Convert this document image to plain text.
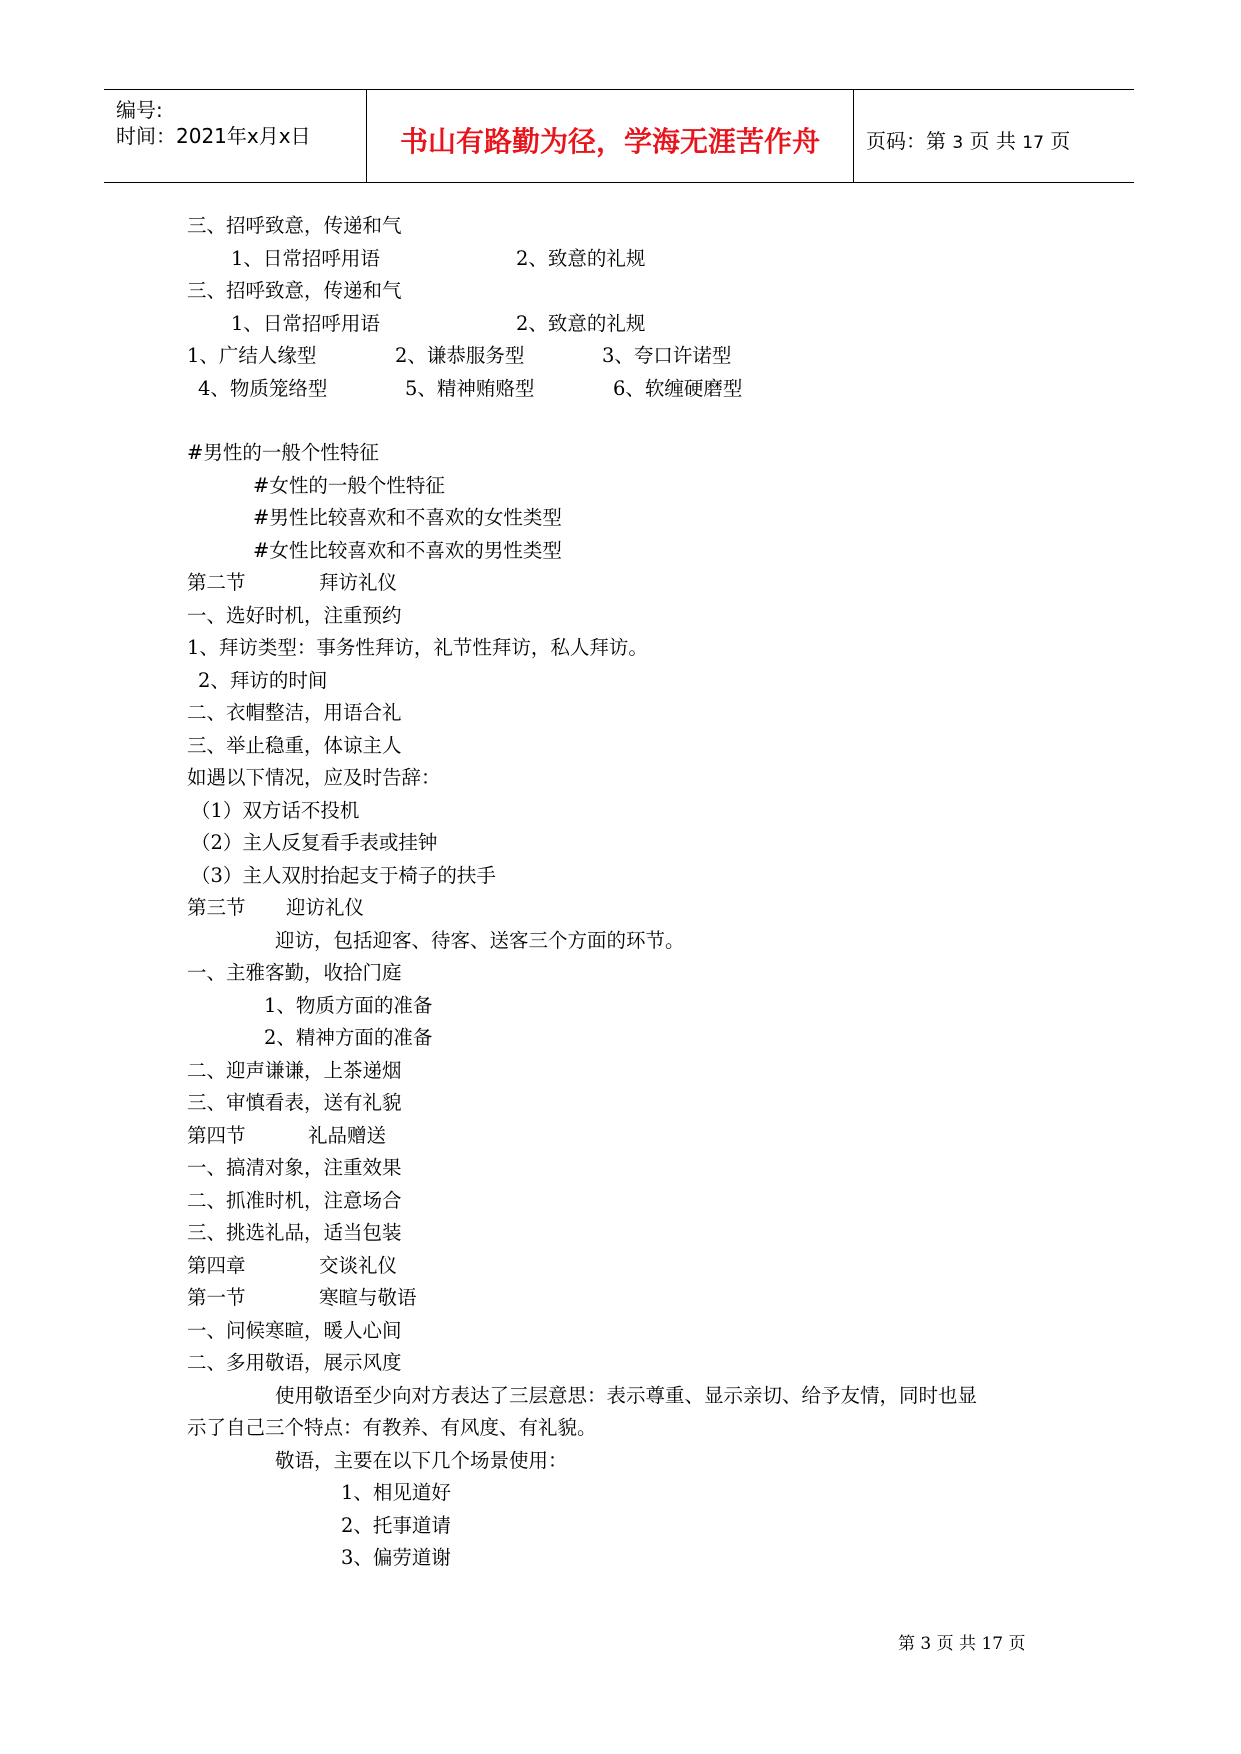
编号:
时间：2021年x月x日	书山有路勤为径，学海无涯苦作舟	页码：第 3 页 共 17 页
三、招呼致意，传递和气
1、日常招呼用语	2、致意的礼规
三、招呼致意，传递和气
1、日常招呼用语	2、致意的礼规
1、广结人缘型	2、谦恭服务型	3、夸口许诺型
4、物质笼络型	5、精神贿赂型	6、软缠硬磨型
#男性的一般个性特征
#女性的一般个性特征
#男性比较喜欢和不喜欢的女性类型
#女性比较喜欢和不喜欢的男性类型
第二节	拜访礼仪
一、选好时机，注重预约
1、拜访类型：事务性拜访，礼节性拜访，私人拜访。
2、拜访的时间
二、衣帽整洁，用语合礼
三、举止稳重，体谅主人
如遇以下情况，应及时告辞：
（1）双方话不投机
（2）主人反复看手表或挂钟
（3）主人双肘抬起支于椅子的扶手
第三节 迎访礼仪
迎访，包括迎客、待客、送客三个方面的环节。
一、主雅客勤，收拾门庭
1、物质方面的准备
2、精神方面的准备
二、迎声谦谦，上茶递烟
三、审慎看表，送有礼貌
第四节	礼品赠送
一、搞清对象，注重效果
二、抓准时机，注意场合
三、挑选礼品，适当包装
第四章	交谈礼仪
第一节	寒暄与敬语
一、问候寒暄，暖人心间
二、多用敬语，展示风度
使用敬语至少向对方表达了三层意思：表示尊重、显示亲切、给予友情，同时也显
示了自己三个特点：有教养、有风度、有礼貌。
敬语，主要在以下几个场景使用：
1、相见道好
2、托事道请
3、偏劳道谢
第 3 页 共 17 页
